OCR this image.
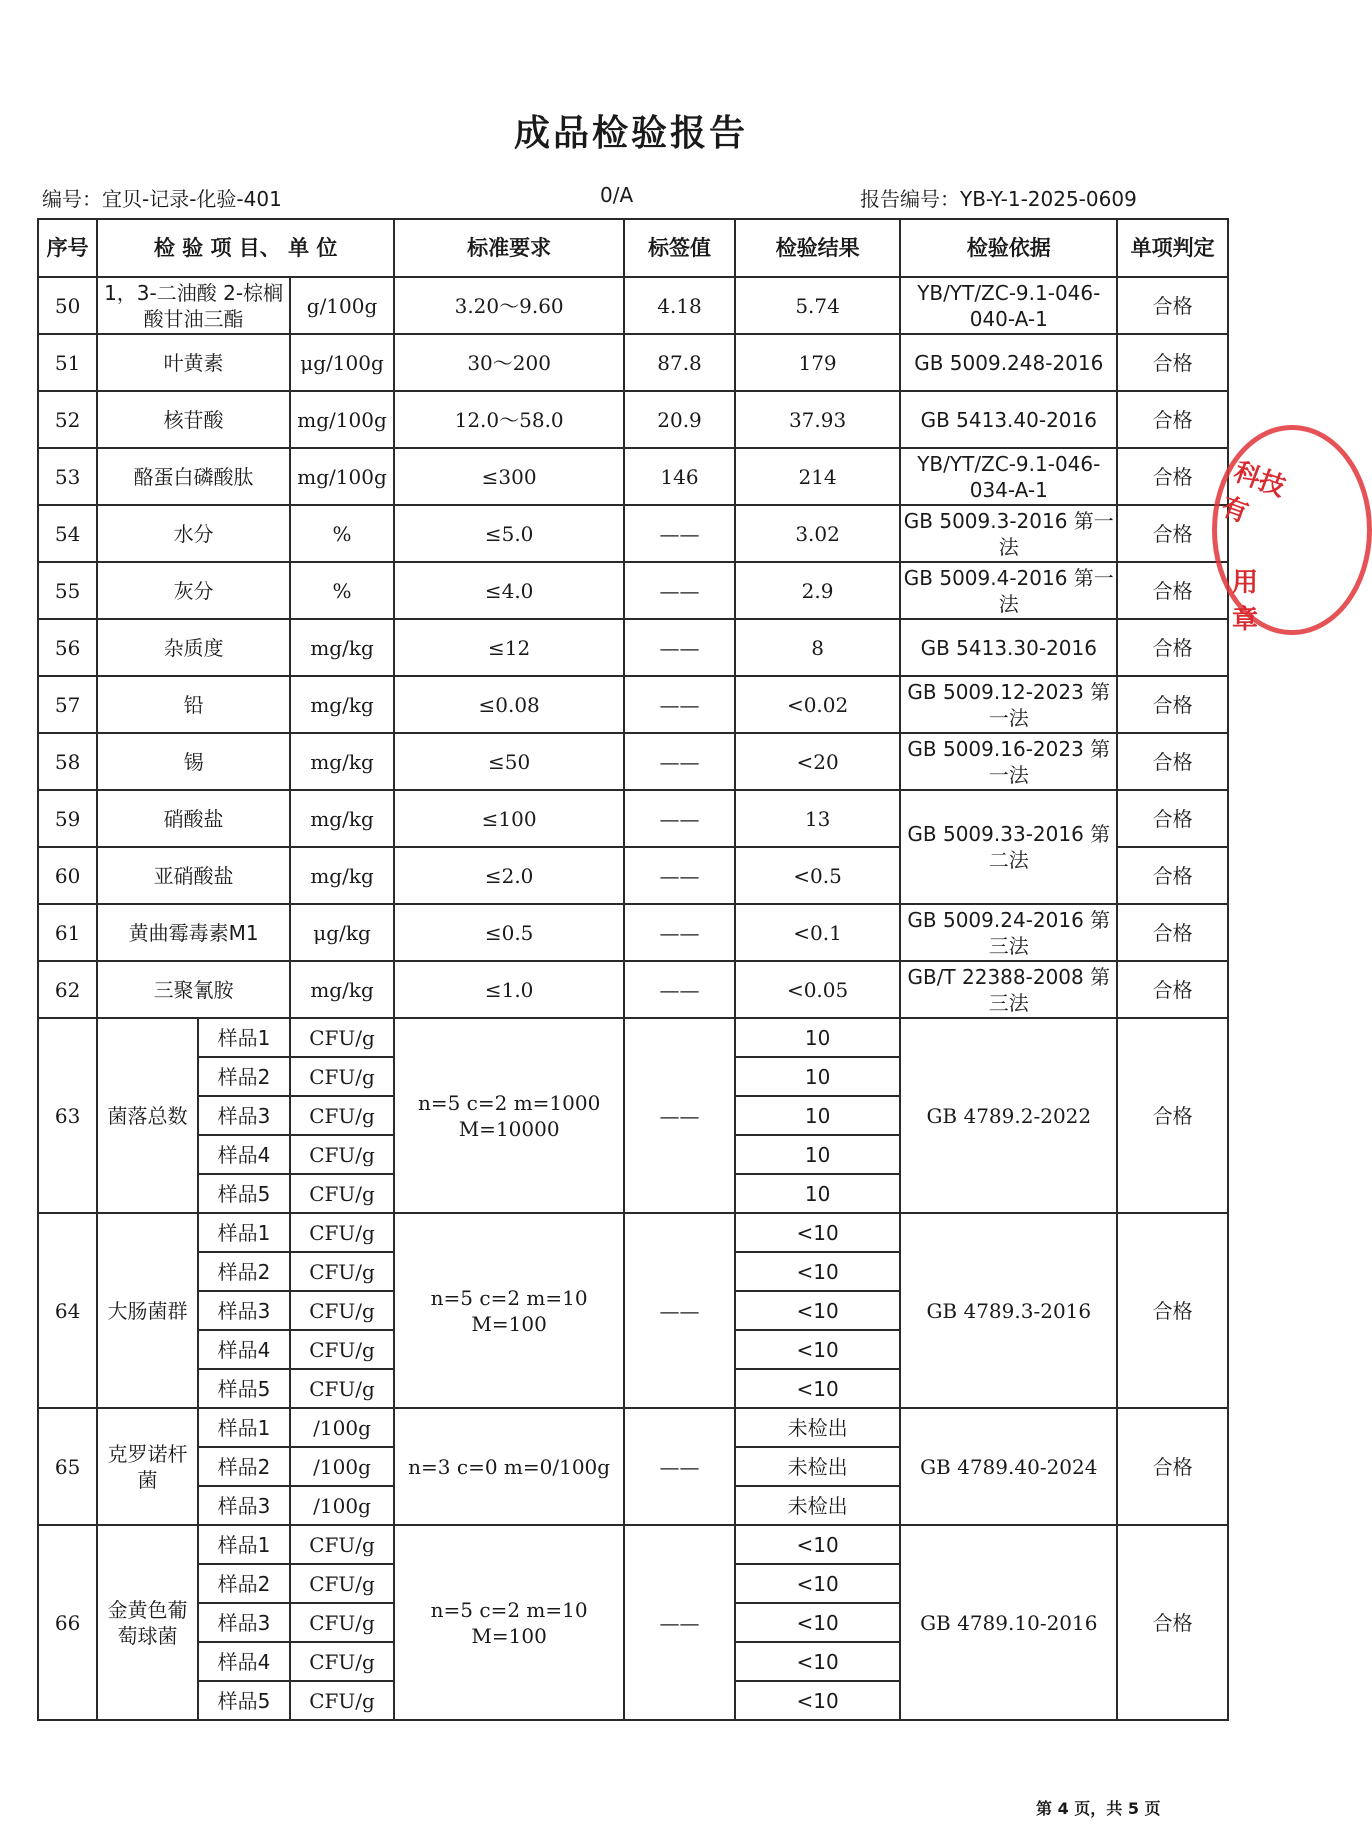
成品检验报告
编号：宜贝-记录-化验-401	0/A	报告编号：YB-Y-1-2025-0609
序号	检 验 项 目、 单 位			标准要求	标签值	检验结果	检验依据	单项判定
50	1，3-二油酸 2-棕榈酸甘油三酯		g/100g	3.20～9.60	4.18	5.74	YB/YT/ZC-9.1-046-040-A-1	合格
51	叶黄素		μg/100g	30～200	87.8	179	GB 5009.248-2016	合格
52	核苷酸		mg/100g	12.0～58.0	20.9	37.93	GB 5413.40-2016	合格
53	酪蛋白磷酸肽		mg/100g	≤300	146	214	YB/YT/ZC-9.1-046-034-A-1	合格
54	水分		%	≤5.0	——	3.02	GB 5009.3-2016 第一法	合格
55	灰分		%	≤4.0	——	2.9	GB 5009.4-2016 第一法	合格
56	杂质度		mg/kg	≤12	——	8	GB 5413.30-2016	合格
57	铅		mg/kg	≤0.08	——	<0.02	GB 5009.12-2023 第一法	合格
58	锡		mg/kg	≤50	——	<20	GB 5009.16-2023 第一法	合格
59	硝酸盐		mg/kg	≤100	——	13	GB 5009.33-2016 第二法	合格
60	亚硝酸盐		mg/kg	≤2.0	——	<0.5		合格
61	黄曲霉毒素M1		μg/kg	≤0.5	——	<0.1	GB 5009.24-2016 第三法	合格
62	三聚氰胺		mg/kg	≤1.0	——	<0.05	GB/T 22388-2008 第三法	合格
63	菌落总数	样品1	CFU/g	n=5 c=2 m=1000 M=10000	——	10	GB 4789.2-2022	合格
		样品2	CFU/g			10		
		样品3	CFU/g			10		
		样品4	CFU/g			10		
		样品5	CFU/g			10		
64	大肠菌群	样品1	CFU/g	n=5 c=2 m=10 M=100	——	<10	GB 4789.3-2016	合格
		样品2	CFU/g			<10		
		样品3	CFU/g			<10		
		样品4	CFU/g			<10		
		样品5	CFU/g			<10		
65	克罗诺杆菌	样品1	/100g	n=3 c=0 m=0/100g	——	未检出	GB 4789.40-2024	合格
		样品2	/100g			未检出		
		样品3	/100g			未检出		
66	金黄色葡萄球菌	样品1	CFU/g	n=5 c=2 m=10 M=100	——	<10	GB 4789.10-2016	合格
		样品2	CFU/g			<10		
		样品3	CFU/g			<10		
		样品4	CFU/g			<10		
		样品5	CFU/g			<10		
科技有
用章
第 4 页，共 5 页
